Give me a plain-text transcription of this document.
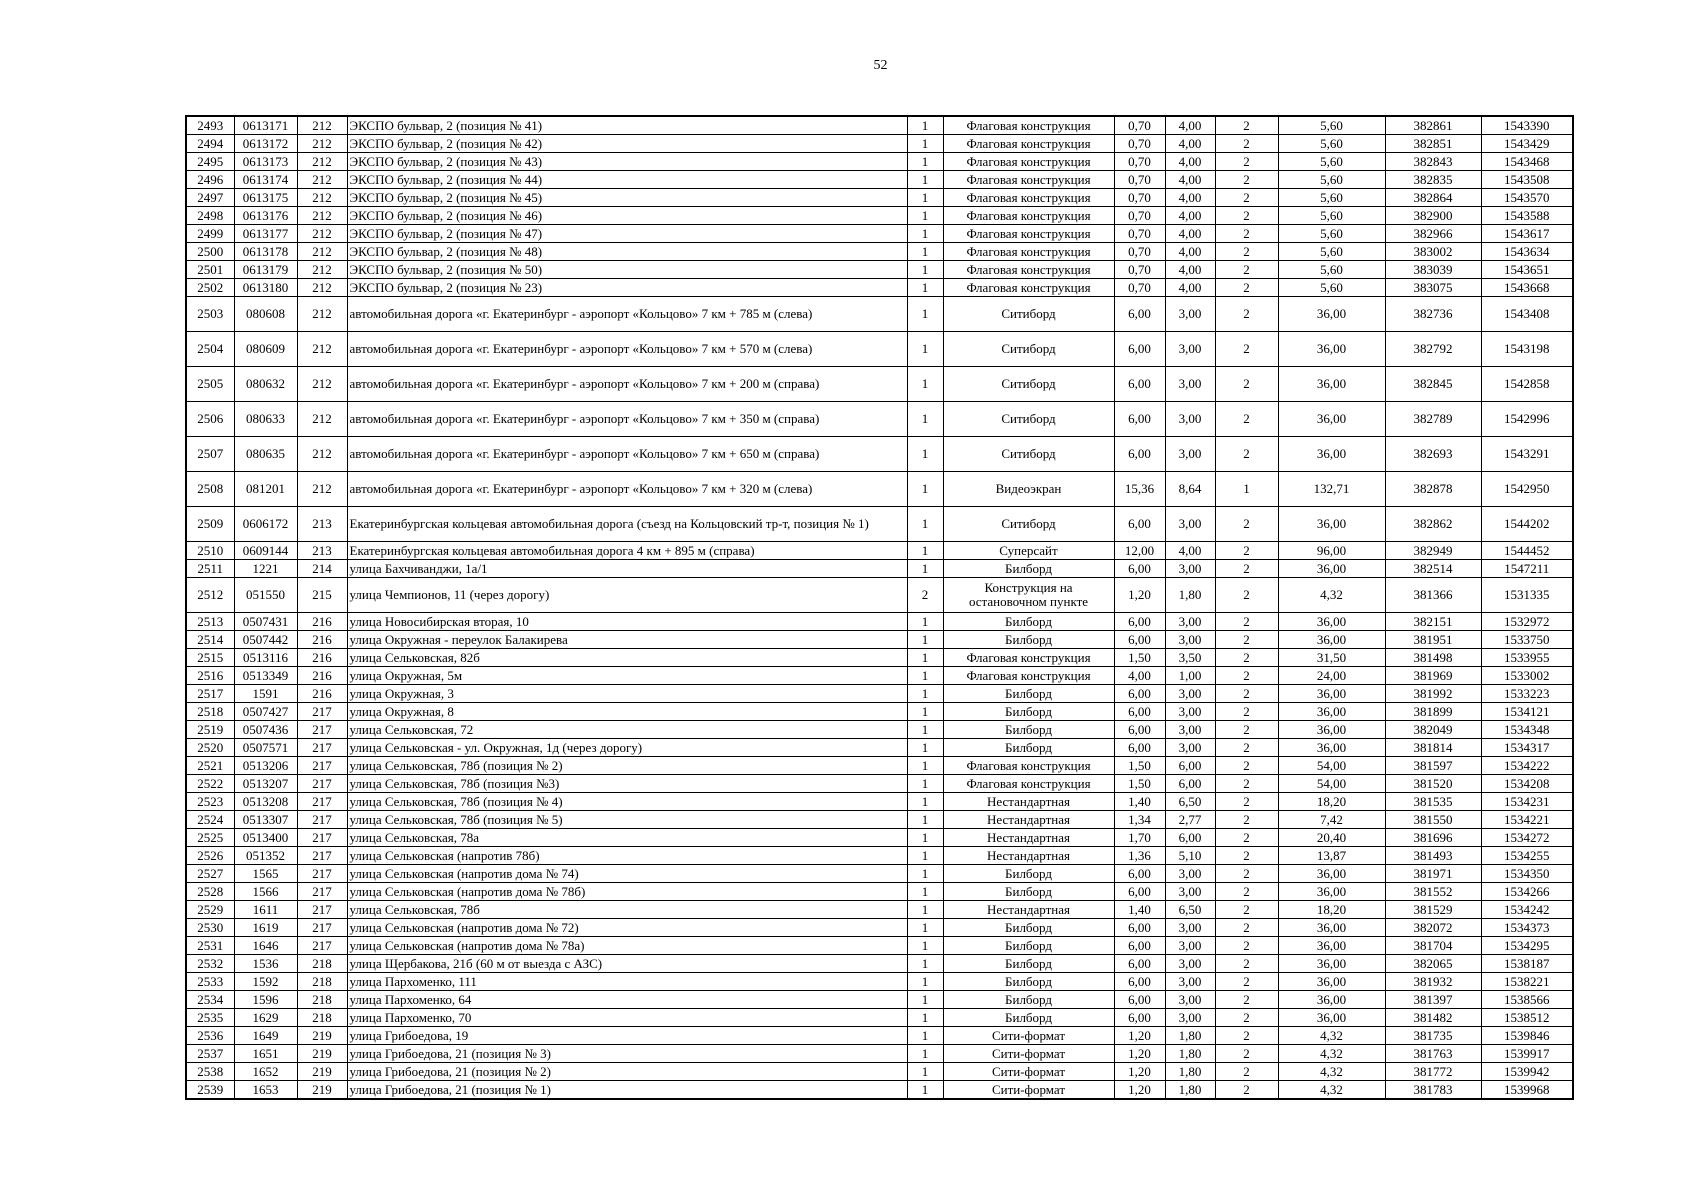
52
2493	0613171	212	ЭКСПО бульвар, 2 (позиция № 41)	1	Флаговая конструкция	0,70	4,00	2	5,60	382861	1543390
2494	0613172	212	ЭКСПО бульвар, 2 (позиция № 42)	1	Флаговая конструкция	0,70	4,00	2	5,60	382851	1543429
2495	0613173	212	ЭКСПО бульвар, 2 (позиция № 43)	1	Флаговая конструкция	0,70	4,00	2	5,60	382843	1543468
2496	0613174	212	ЭКСПО бульвар, 2 (позиция № 44)	1	Флаговая конструкция	0,70	4,00	2	5,60	382835	1543508
2497	0613175	212	ЭКСПО бульвар, 2 (позиция № 45)	1	Флаговая конструкция	0,70	4,00	2	5,60	382864	1543570
2498	0613176	212	ЭКСПО бульвар, 2 (позиция № 46)	1	Флаговая конструкция	0,70	4,00	2	5,60	382900	1543588
2499	0613177	212	ЭКСПО бульвар, 2 (позиция № 47)	1	Флаговая конструкция	0,70	4,00	2	5,60	382966	1543617
2500	0613178	212	ЭКСПО бульвар, 2 (позиция № 48)	1	Флаговая конструкция	0,70	4,00	2	5,60	383002	1543634
2501	0613179	212	ЭКСПО бульвар, 2 (позиция № 50)	1	Флаговая конструкция	0,70	4,00	2	5,60	383039	1543651
2502	0613180	212	ЭКСПО бульвар, 2 (позиция № 23)	1	Флаговая конструкция	0,70	4,00	2	5,60	383075	1543668
2503	080608	212	автомобильная дорога «г. Екатеринбург - аэропорт «Кольцово» 7 км + 785 м (слева)	1	Ситиборд	6,00	3,00	2	36,00	382736	1543408
2504	080609	212	автомобильная дорога «г. Екатеринбург - аэропорт «Кольцово» 7 км + 570 м (слева)	1	Ситиборд	6,00	3,00	2	36,00	382792	1543198
2505	080632	212	автомобильная дорога «г. Екатеринбург - аэропорт «Кольцово» 7 км + 200 м (справа)	1	Ситиборд	6,00	3,00	2	36,00	382845	1542858
2506	080633	212	автомобильная дорога «г. Екатеринбург - аэропорт «Кольцово» 7 км + 350 м (справа)	1	Ситиборд	6,00	3,00	2	36,00	382789	1542996
2507	080635	212	автомобильная дорога «г. Екатеринбург - аэропорт «Кольцово» 7 км + 650 м (справа)	1	Ситиборд	6,00	3,00	2	36,00	382693	1543291
2508	081201	212	автомобильная дорога «г. Екатеринбург - аэропорт «Кольцово» 7 км + 320 м (слева)	1	Видеоэкран	15,36	8,64	1	132,71	382878	1542950
2509	0606172	213	Екатеринбургская кольцевая автомобильная дорога (съезд на Кольцовский тр-т, позиция № 1)	1	Ситиборд	6,00	3,00	2	36,00	382862	1544202
2510	0609144	213	Екатеринбургская кольцевая автомобильная дорога 4 км + 895 м (справа)	1	Суперсайт	12,00	4,00	2	96,00	382949	1544452
2511	1221	214	улица Бахчиванджи, 1а/1	1	Билборд	6,00	3,00	2	36,00	382514	1547211
2512	051550	215	улица Чемпионов, 11 (через дорогу)	2	Конструкция на остановочном пункте	1,20	1,80	2	4,32	381366	1531335
2513	0507431	216	улица Новосибирская вторая, 10	1	Билборд	6,00	3,00	2	36,00	382151	1532972
2514	0507442	216	улица Окружная - переулок Балакирева	1	Билборд	6,00	3,00	2	36,00	381951	1533750
2515	0513116	216	улица Сельковская, 82б	1	Флаговая конструкция	1,50	3,50	2	31,50	381498	1533955
2516	0513349	216	улица Окружная, 5м	1	Флаговая конструкция	4,00	1,00	2	24,00	381969	1533002
2517	1591	216	улица Окружная, 3	1	Билборд	6,00	3,00	2	36,00	381992	1533223
2518	0507427	217	улица Окружная, 8	1	Билборд	6,00	3,00	2	36,00	381899	1534121
2519	0507436	217	улица Сельковская, 72	1	Билборд	6,00	3,00	2	36,00	382049	1534348
2520	0507571	217	улица Сельковская - ул. Окружная, 1д (через дорогу)	1	Билборд	6,00	3,00	2	36,00	381814	1534317
2521	0513206	217	улица Сельковская, 78б (позиция № 2)	1	Флаговая конструкция	1,50	6,00	2	54,00	381597	1534222
2522	0513207	217	улица Сельковская, 78б (позиция №3)	1	Флаговая конструкция	1,50	6,00	2	54,00	381520	1534208
2523	0513208	217	улица Сельковская, 78б (позиция № 4)	1	Нестандартная	1,40	6,50	2	18,20	381535	1534231
2524	0513307	217	улица Сельковская, 78б (позиция № 5)	1	Нестандартная	1,34	2,77	2	7,42	381550	1534221
2525	0513400	217	улица Сельковская, 78а	1	Нестандартная	1,70	6,00	2	20,40	381696	1534272
2526	051352	217	улица Сельковская (напротив 78б)	1	Нестандартная	1,36	5,10	2	13,87	381493	1534255
2527	1565	217	улица Сельковская (напротив дома № 74)	1	Билборд	6,00	3,00	2	36,00	381971	1534350
2528	1566	217	улица Сельковская (напротив дома № 78б)	1	Билборд	6,00	3,00	2	36,00	381552	1534266
2529	1611	217	улица Сельковская, 78б	1	Нестандартная	1,40	6,50	2	18,20	381529	1534242
2530	1619	217	улица Сельковская (напротив дома № 72)	1	Билборд	6,00	3,00	2	36,00	382072	1534373
2531	1646	217	улица Сельковская (напротив дома № 78а)	1	Билборд	6,00	3,00	2	36,00	381704	1534295
2532	1536	218	улица Щербакова, 21б (60 м от выезда с АЗС)	1	Билборд	6,00	3,00	2	36,00	382065	1538187
2533	1592	218	улица Пархоменко, 111	1	Билборд	6,00	3,00	2	36,00	381932	1538221
2534	1596	218	улица Пархоменко, 64	1	Билборд	6,00	3,00	2	36,00	381397	1538566
2535	1629	218	улица Пархоменко, 70	1	Билборд	6,00	3,00	2	36,00	381482	1538512
2536	1649	219	улица Грибоедова, 19	1	Сити-формат	1,20	1,80	2	4,32	381735	1539846
2537	1651	219	улица Грибоедова, 21 (позиция № 3)	1	Сити-формат	1,20	1,80	2	4,32	381763	1539917
2538	1652	219	улица Грибоедова, 21 (позиция № 2)	1	Сити-формат	1,20	1,80	2	4,32	381772	1539942
2539	1653	219	улица Грибоедова, 21 (позиция № 1)	1	Сити-формат	1,20	1,80	2	4,32	381783	1539968
